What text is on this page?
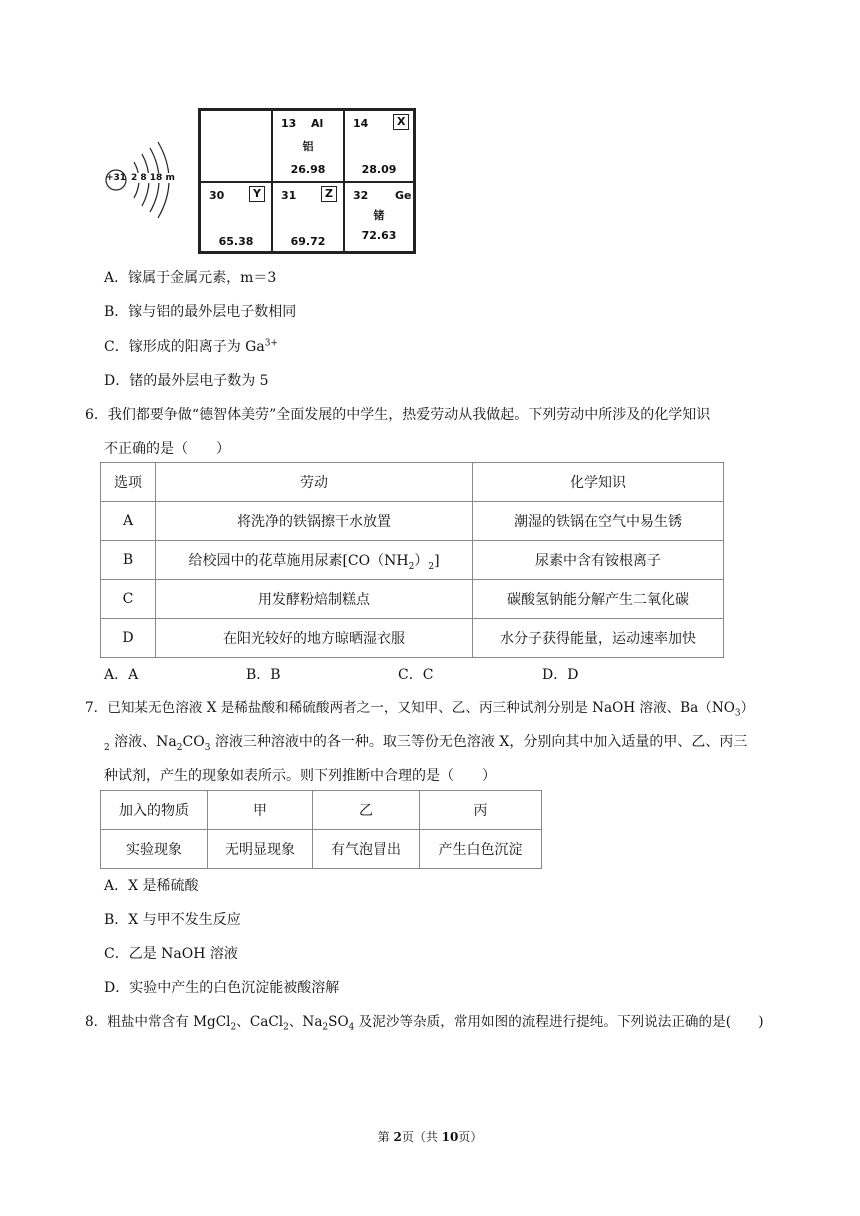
+31 2 8 18 m
13 Al
铝
26.98
14	X
28.09
30	Y
65.38
31	Z
69.72
32 Ge
锗
72.63
A．镓属于金属元素，m＝3
B．镓与铝的最外层电子数相同
C．镓形成的阳离子为 $Ga^{3+}$
D．锗的最外层电子数为 5
6．我们都要争做“德智体美劳”全面发展的中学生，热爱劳动从我做起。下列劳动中所涉及的化学知识
不正确的是（　　）
选项	劳动	化学知识
A	将洗净的铁锅擦干水放置	潮湿的铁锅在空气中易生锈
B	给校园中的花草施用尿素$[CO(NH_2)_2]$	尿素中含有铵根离子
C	用发酵粉焙制糕点	碳酸氢钠能分解产生二氧化碳
D	在阳光较好的地方晾晒湿衣服	水分子获得能量，运动速率加快
A．A	B．B	C．C	D．D
7．已知某无色溶液 X 是稀盐酸和稀硫酸两者之一，又知甲、乙、丙三种试剂分别是 NaOH 溶液、$Ba(NO_3)$
$_2$ 溶液、$Na_2CO_3$ 溶液三种溶液中的各一种。取三等份无色溶液 X，分别向其中加入适量的甲、乙、丙三
种试剂，产生的现象如表所示。则下列推断中合理的是（　　）
加入的物质	甲	乙	丙
实验现象	无明显现象	有气泡冒出	产生白色沉淀
A．X 是稀硫酸
B．X 与甲不发生反应
C．乙是 NaOH 溶液
D．实验中产生的白色沉淀能被酸溶解
8．粗盐中常含有 MgCl$_2$、CaCl$_2$、$Na_2SO_4$ 及泥沙等杂质，常用如图的流程进行提纯。下列说法正确的是(　　)
第 2页（共 10页）
